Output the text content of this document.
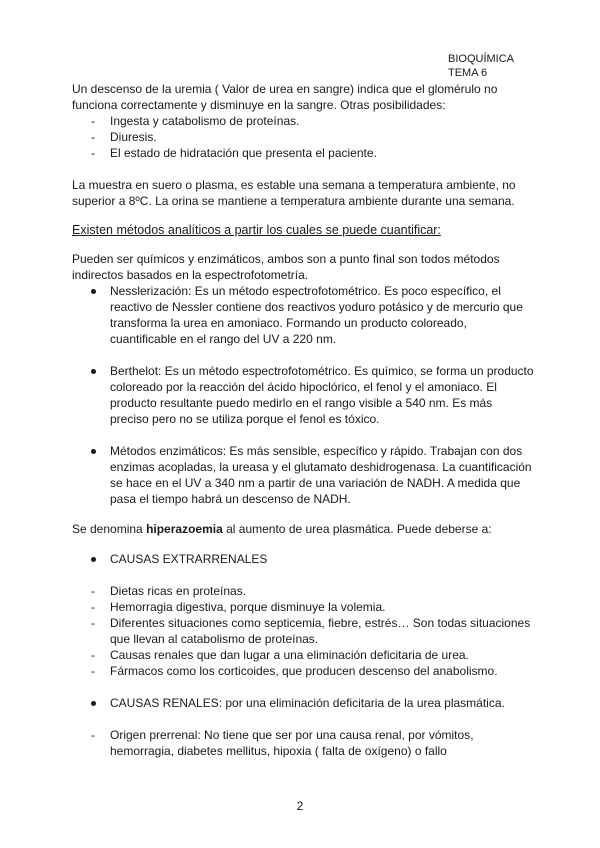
BIOQUÍMICA
TEMA 6

Un descenso de la uremia ( Valor de urea en sangre) indica que el glomérulo no funciona correctamente y disminuye en la sangre. Otras posibilidades:

- Ingesta y catabolismo de proteínas.
- Diuresis.
- El estado de hidratación que presenta el paciente.

La muestra en suero o plasma, es estable una semana a temperatura ambiente, no superior a 8ºC. La orina se mantiene a temperatura ambiente durante una semana.

Existen métodos analíticos a partir los cuales se puede cuantificar:

Pueden ser químicos y enzimáticos, ambos son a punto final son todos métodos indirectos basados en la espectrofotometría.

Nesslerización: Es un método espectrofotométrico. Es poco específico, el reactivo de Nessler contiene dos reactivos yoduro potásico y de mercurio que transforma la urea en amoniaco. Formando un producto coloreado, cuantificable en el rango del UV a 220 nm.
Berthelot: Es un método espectrofotométrico. Es químico, se forma un producto coloreado por la reacción del ácido hipoclórico, el fenol y el amoniaco. El producto resultante puedo medirlo en el rango visible a 540 nm. Es más preciso pero no se utiliza porque el fenol es tóxico.
Métodos enzimáticos: Es más sensible, específico y rápido. Trabajan con dos enzimas acopladas, la ureasa y el glutamato deshidrogenasa. La cuantificación se hace en el UV a 340 nm a partir de una variación de NADH. A medida que pasa el tiempo habrá un descenso de NADH.

Se denomina hiperazoemia al aumento de urea plasmática. Puede deberse a:

CAUSAS EXTRARRENALES
- Dietas ricas en proteínas.
- Hemorragia digestiva, porque disminuye la volemia.
- Diferentes situaciones como septicemia, fiebre, estrés… Son todas situaciones que llevan al catabolismo de proteínas.
- Causas renales que dan lugar a una eliminación deficitaria de urea.
- Fármacos como los corticoides, que producen descenso del anabolismo.
CAUSAS RENALES: por una eliminación deficitaria de la urea plasmática.
- Origen prerrenal: No tiene que ser por una causa renal, por vómitos, hemorragia, diabetes mellitus, hipoxia ( falta de oxígeno) o fallo
2
